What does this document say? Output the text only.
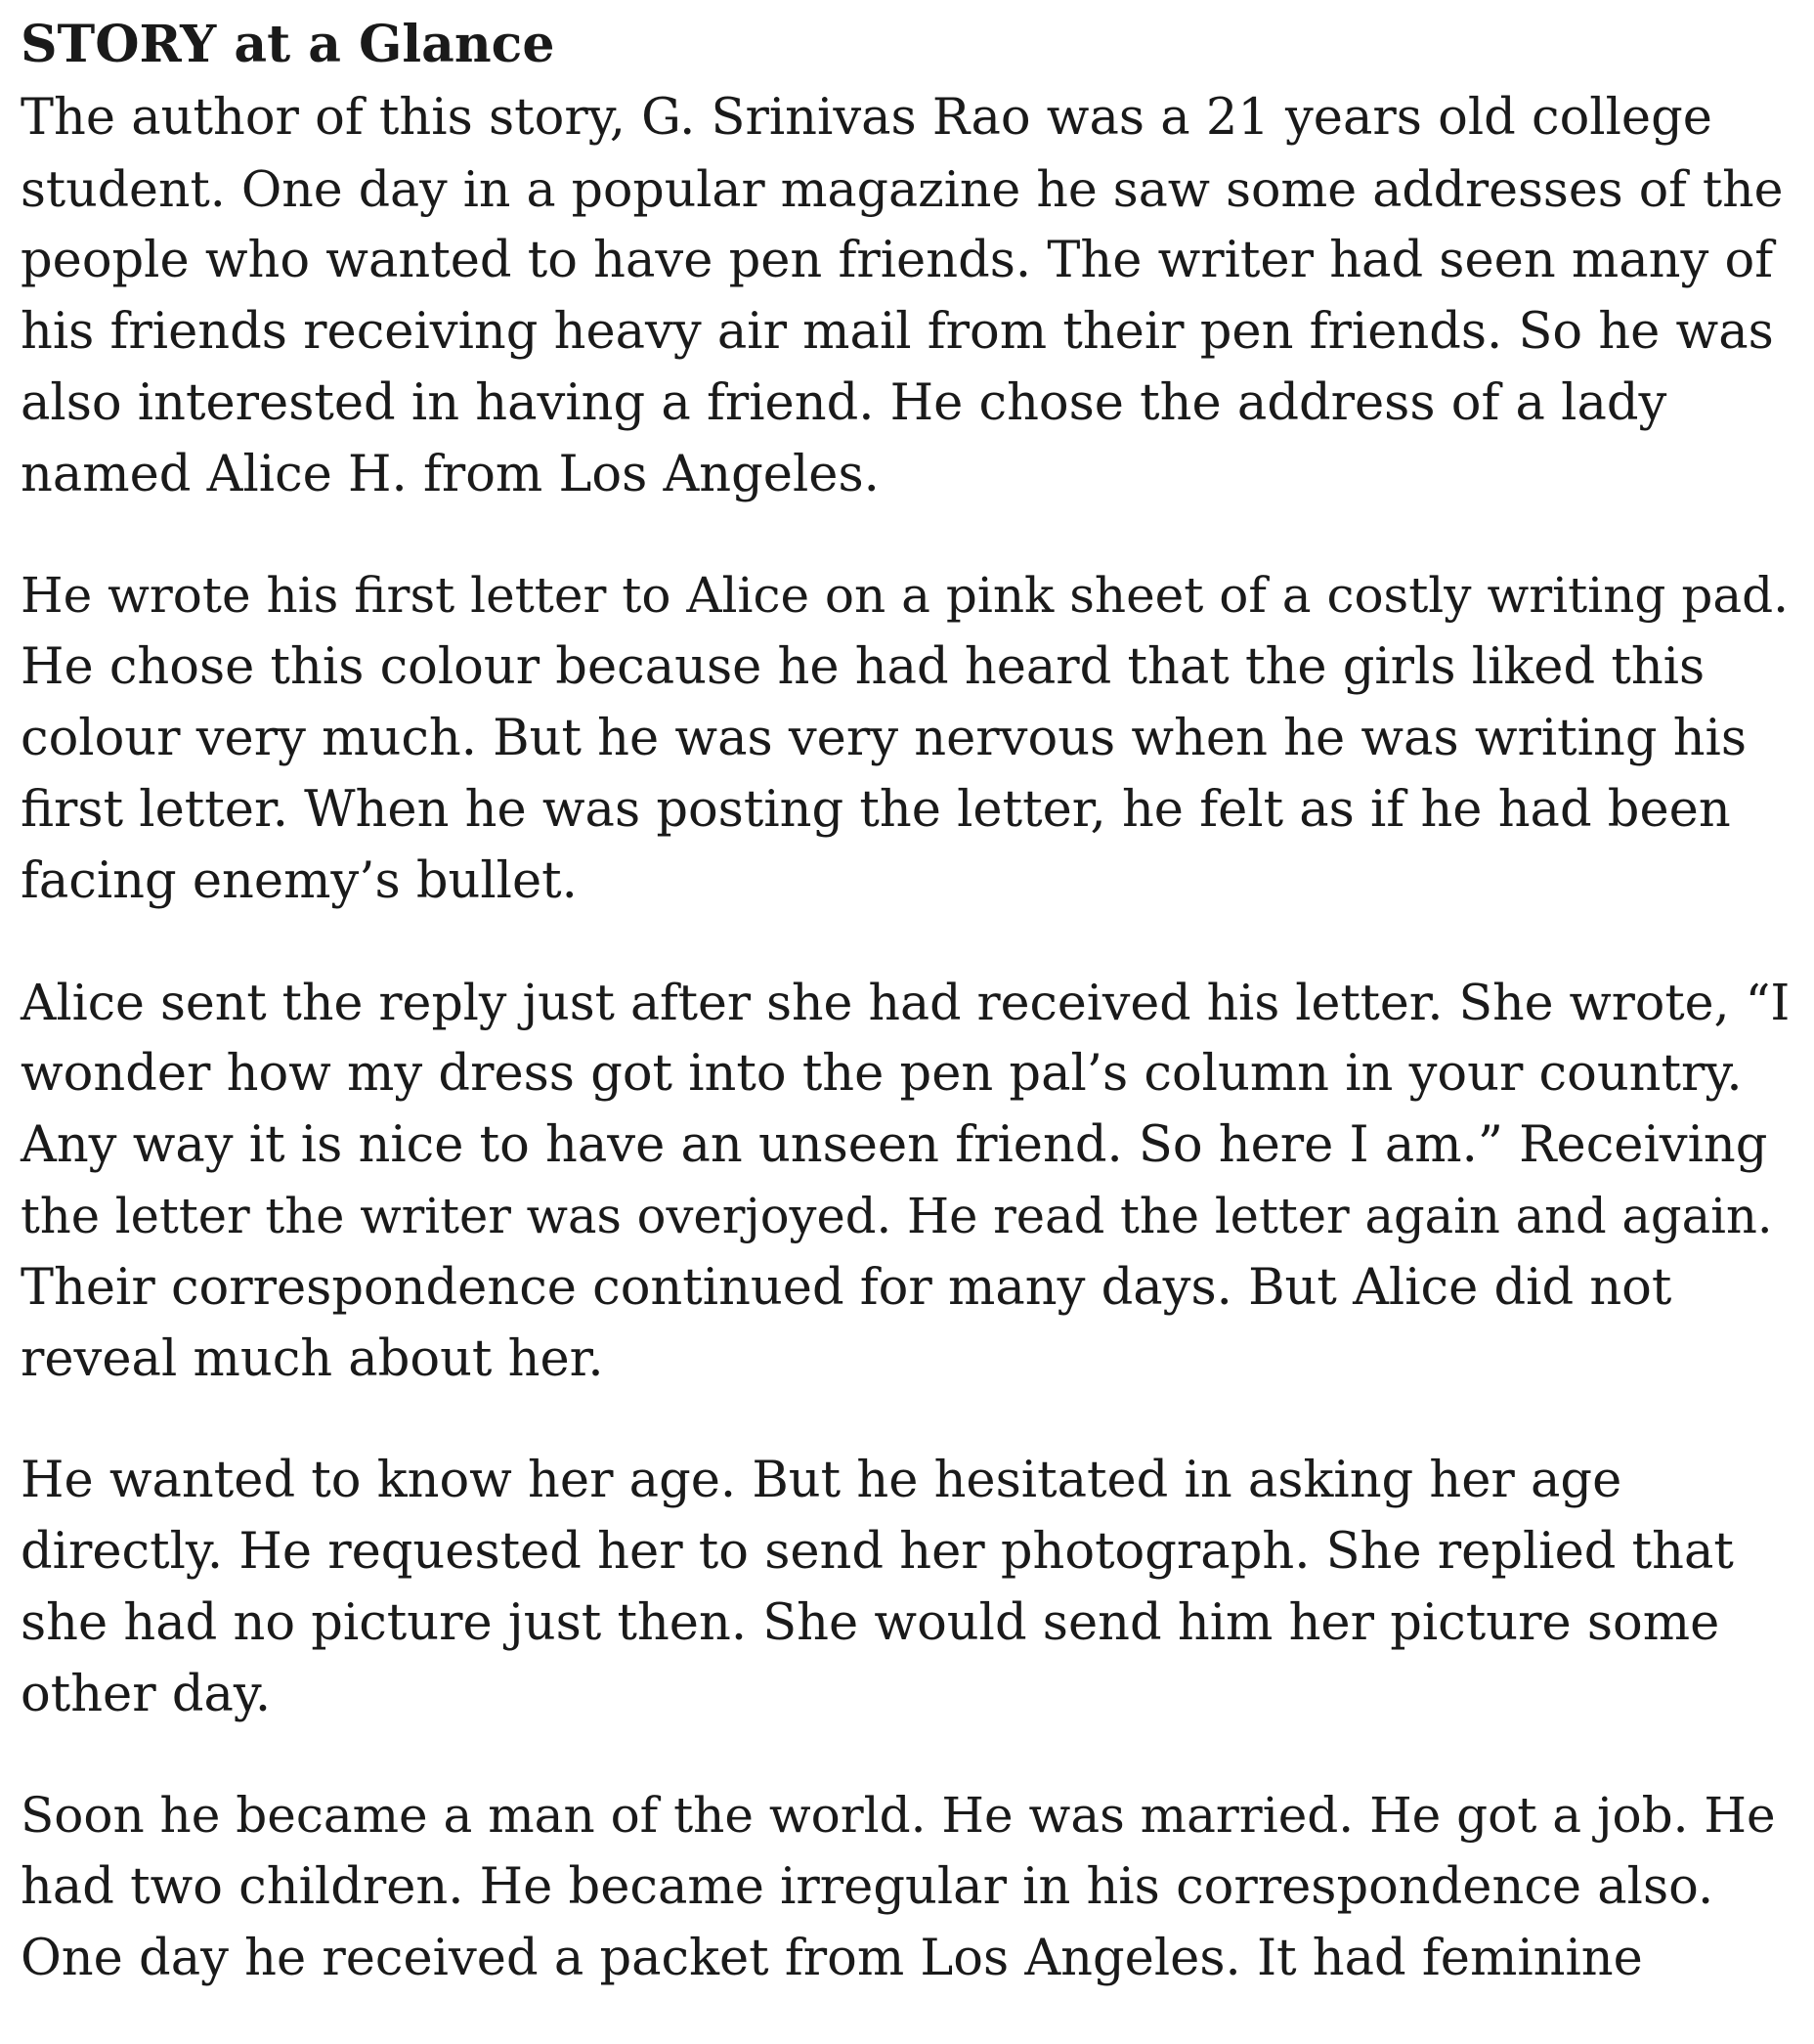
STORY at a Glance
The author of this story, G. Srinivas Rao was a 21 years old college
student. One day in a popular magazine he saw some addresses of the
people who wanted to have pen friends. The writer had seen many of
his friends receiving heavy air mail from their pen friends. So he was
also interested in having a friend. He chose the address of a lady
named Alice H. from Los Angeles.
He wrote his first letter to Alice on a pink sheet of a costly writing pad.
He chose this colour because he had heard that the girls liked this
colour very much. But he was very nervous when he was writing his
first letter. When he was posting the letter, he felt as if he had been
facing enemy’s bullet.
Alice sent the reply just after she had received his letter. She wrote, “I
wonder how my dress got into the pen pal’s column in your country.
Any way it is nice to have an unseen friend. So here I am.” Receiving
the letter the writer was overjoyed. He read the letter again and again.
Their correspondence continued for many days. But Alice did not
reveal much about her.
He wanted to know her age. But he hesitated in asking her age
directly. He requested her to send her photograph. She replied that
she had no picture just then. She would send him her picture some
other day.
Soon he became a man of the world. He was married. He got a job. He
had two children. He became irregular in his correspondence also.
One day he received a packet from Los Angeles. It had feminine
